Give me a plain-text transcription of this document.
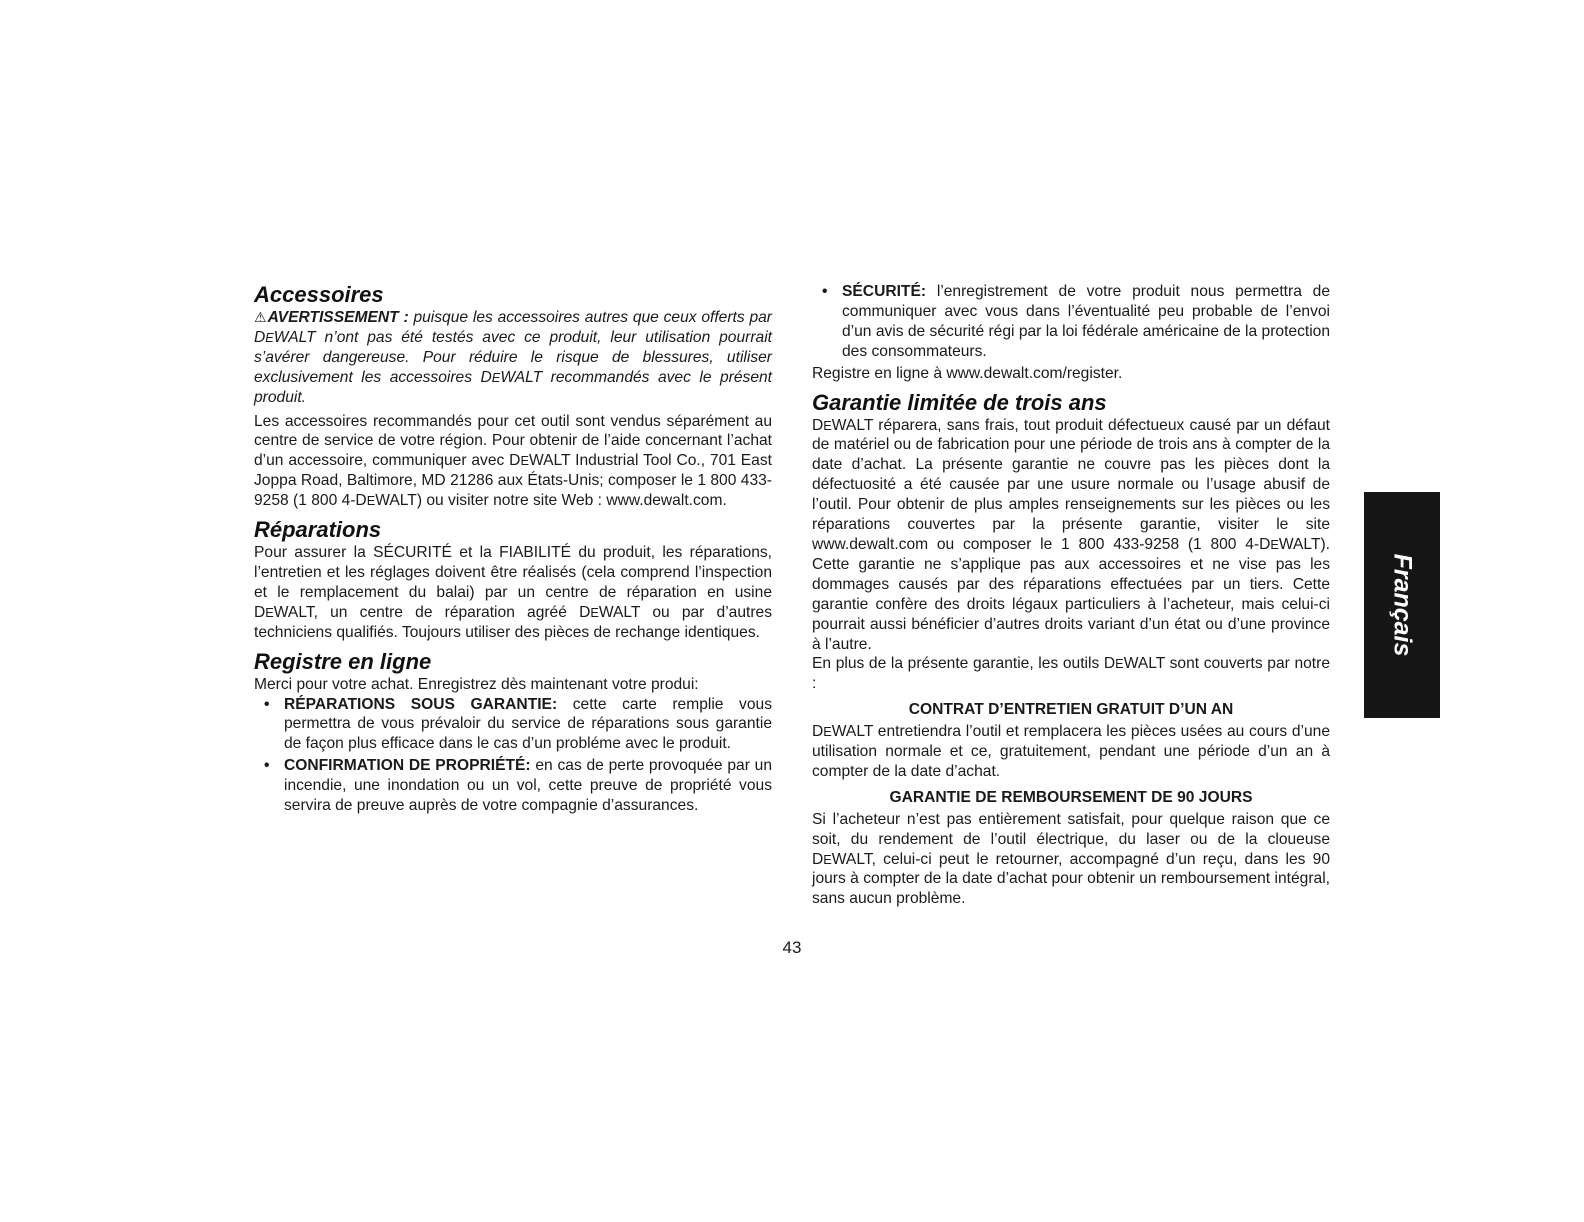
Accessoires

⚠AVERTISSEMENT : puisque les accessoires autres que ceux offerts par DEWALT n’ont pas été testés avec ce produit, leur utilisation pourrait s’avérer dangereuse. Pour réduire le risque de blessures, utiliser exclusivement les accessoires DEWALT recommandés avec le présent produit.

Les accessoires recommandés pour cet outil sont vendus séparément au centre de service de votre région. Pour obtenir de l’aide concernant l’achat d’un accessoire, communiquer avec DEWALT Industrial Tool Co., 701 East Joppa Road, Baltimore, MD 21286 aux États-Unis; composer le 1 800 433-9258 (1 800 4-DEWALT) ou visiter notre site Web : www.dewalt.com.

Réparations

Pour assurer la SÉCURITÉ et la FIABILITÉ du produit, les réparations, l’entretien et les réglages doivent être réalisés (cela comprend l’inspection et le remplacement du balai) par un centre de réparation en usine DEWALT, un centre de réparation agréé DEWALT ou par d’autres techniciens qualifiés. Toujours utiliser des pièces de rechange identiques.

Registre en ligne

Merci pour votre achat. Enregistrez dès maintenant votre produi:

• RÉPARATIONS SOUS GARANTIE: cette carte remplie vous permettra de vous prévaloir du service de réparations sous garantie de façon plus efficace dans le cas d’un probléme avec le produit.
• CONFIRMATION DE PROPRIÉTÉ: en cas de perte provoquée par un incendie, une inondation ou un vol, cette preuve de propriété vous servira de preuve auprès de votre compagnie d’assurances.
• SÉCURITÉ: l’enregistrement de votre produit nous permettra de communiquer avec vous dans l’éventualité peu probable de l’envoi d’un avis de sécurité régi par la loi fédérale américaine de la protection des consommateurs.

Registre en ligne à www.dewalt.com/register.

Garantie limitée de trois ans

DEWALT réparera, sans frais, tout produit défectueux causé par un défaut de matériel ou de fabrication pour une période de trois ans à compter de la date d’achat. La présente garantie ne couvre pas les pièces dont la défectuosité a été causée par une usure normale ou l’usage abusif de l’outil. Pour obtenir de plus amples renseignements sur les pièces ou les réparations couvertes par la présente garantie, visiter le site www.dewalt.com ou composer le 1 800 433-9258 (1 800 4-DEWALT). Cette garantie ne s’applique pas aux accessoires et ne vise pas les dommages causés par des réparations effectuées par un tiers. Cette garantie confère des droits légaux particuliers à l’acheteur, mais celui-ci pourrait aussi bénéficier d’autres droits variant d’un état ou d’une province à l’autre.

En plus de la présente garantie, les outils DEWALT sont couverts par notre :

CONTRAT D’ENTRETIEN GRATUIT D’UN AN

DEWALT entretiendra l’outil et remplacera les pièces usées au cours d’une utilisation normale et ce, gratuitement, pendant une période d’un an à compter de la date d’achat.

GARANTIE DE REMBOURSEMENT DE 90 JOURS

Si l’acheteur n’est pas entièrement satisfait, pour quelque raison que ce soit, du rendement de l’outil électrique, du laser ou de la cloueuse DEWALT, celui-ci peut le retourner, accompagné d’un reçu, dans les 90 jours à compter de la date d’achat pour obtenir un remboursement intégral, sans aucun problème.

43
Français
